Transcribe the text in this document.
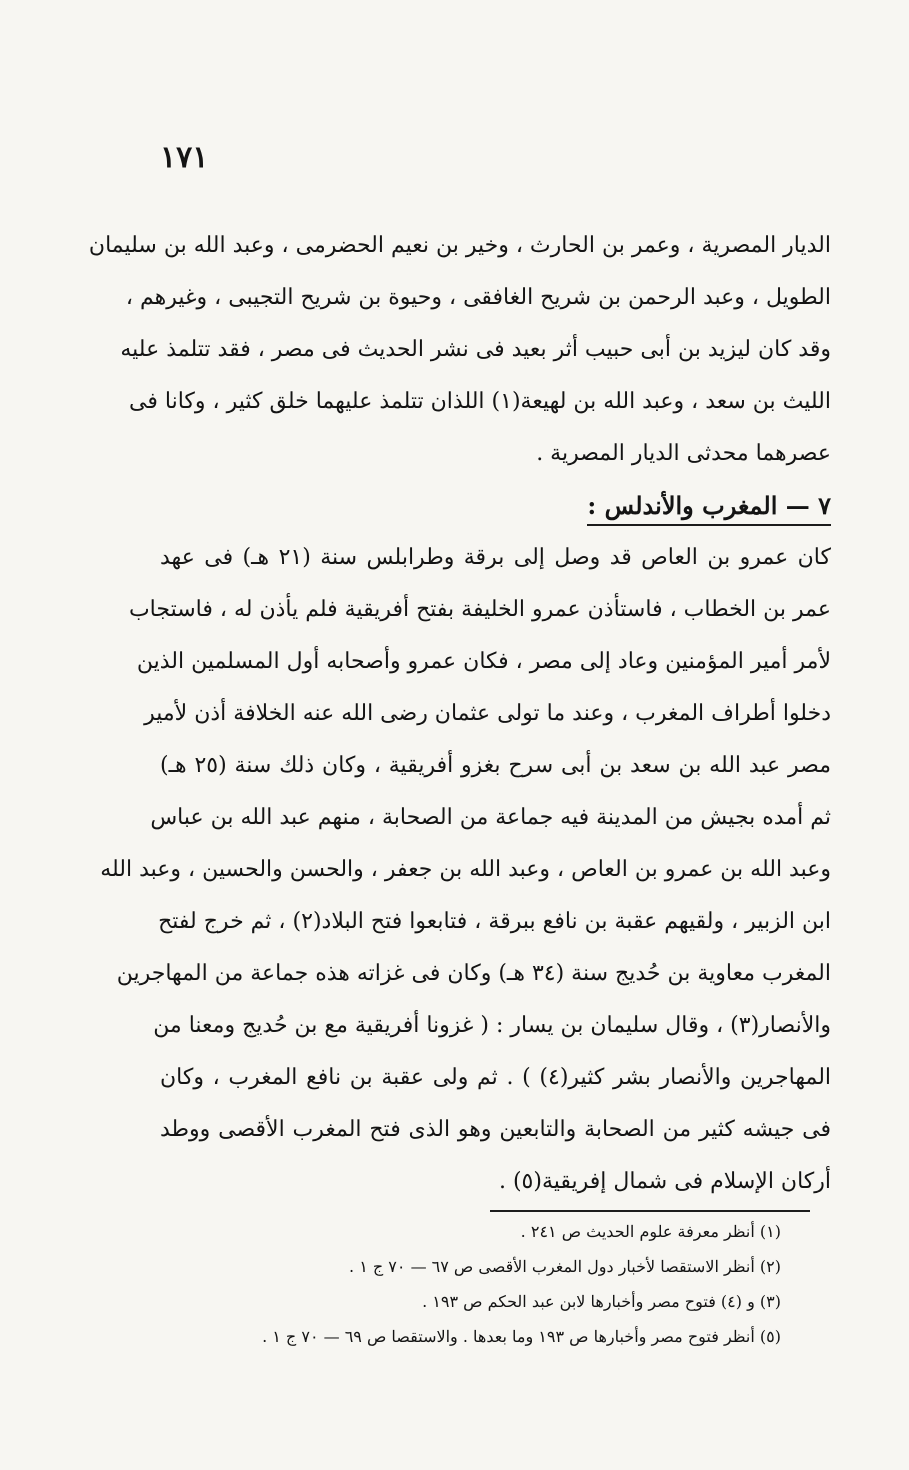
١٧١
الديار المصرية ، وعمر بن الحارث ، وخير بن نعيم الحضرمى ، وعبد الله بن سليمان
الطويل ، وعبد الرحمن بن شريح الغافقى ، وحيوة بن شريح التجيبى ، وغيرهم ،
وقد كان ليزيد بن أبى حبيب أثر بعيد فى نشر الحديث فى مصر ، فقد تتلمذ عليه
الليث بن سعد ، وعبد الله بن لهيعة(١) اللذان تتلمذ عليهما خلق كثير ، وكانا فى
عصرهما محدثى الديار المصرية .
٧ — المغرب والأندلس :
كان عمرو بن العاص قد وصل إلى برقة وطرابلس سنة (٢١ هـ) فى عهد
عمر بن الخطاب ، فاستأذن عمرو الخليفة بفتح أفريقية فلم يأذن له ، فاستجاب
لأمر أمير المؤمنين وعاد إلى مصر ، فكان عمرو وأصحابه أول المسلمين الذين
دخلوا أطراف المغرب ، وعند ما تولى عثمان رضى الله عنه الخلافة أذن لأمير
مصر عبد الله بن سعد بن أبى سرح بغزو أفريقية ، وكان ذلك سنة (٢٥ هـ)
ثم أمده بجيش من المدينة فيه جماعة من الصحابة ، منهم عبد الله بن عباس
وعبد الله بن عمرو بن العاص ، وعبد الله بن جعفر ، والحسن والحسين ، وعبد الله
ابن الزبير ، ولقيهم عقبة بن نافع ببرقة ، فتابعوا فتح البلاد(٢) ، ثم خرج لفتح
المغرب معاوية بن حُديج سنة (٣٤ هـ) وكان فى غزاته هذه جماعة من المهاجرين
والأنصار(٣) ، وقال سليمان بن يسار : ( غزونا أفريقية مع بن حُديج ومعنا من
المهاجرين والأنصار بشر كثير(٤) ) . ثم ولى عقبة بن نافع المغرب ، وكان
فى جيشه كثير من الصحابة والتابعين وهو الذى فتح المغرب الأقصى ووطد
أركان الإسلام فى شمال إفريقية(٥) .
(١) أنظر معرفة علوم الحديث ص ٢٤١ .
(٢) أنظر الاستقصا لأخبار دول المغرب الأقصى ص ٦٧ — ٧٠ ج ١ .
(٣) و (٤) فتوح مصر وأخبارها لابن عبد الحكم ص ١٩٣ .
(٥) أنظر فتوح مصر وأخبارها ص ١٩٣ وما بعدها . والاستقصا ص ٦٩ — ٧٠ ج ١ .
